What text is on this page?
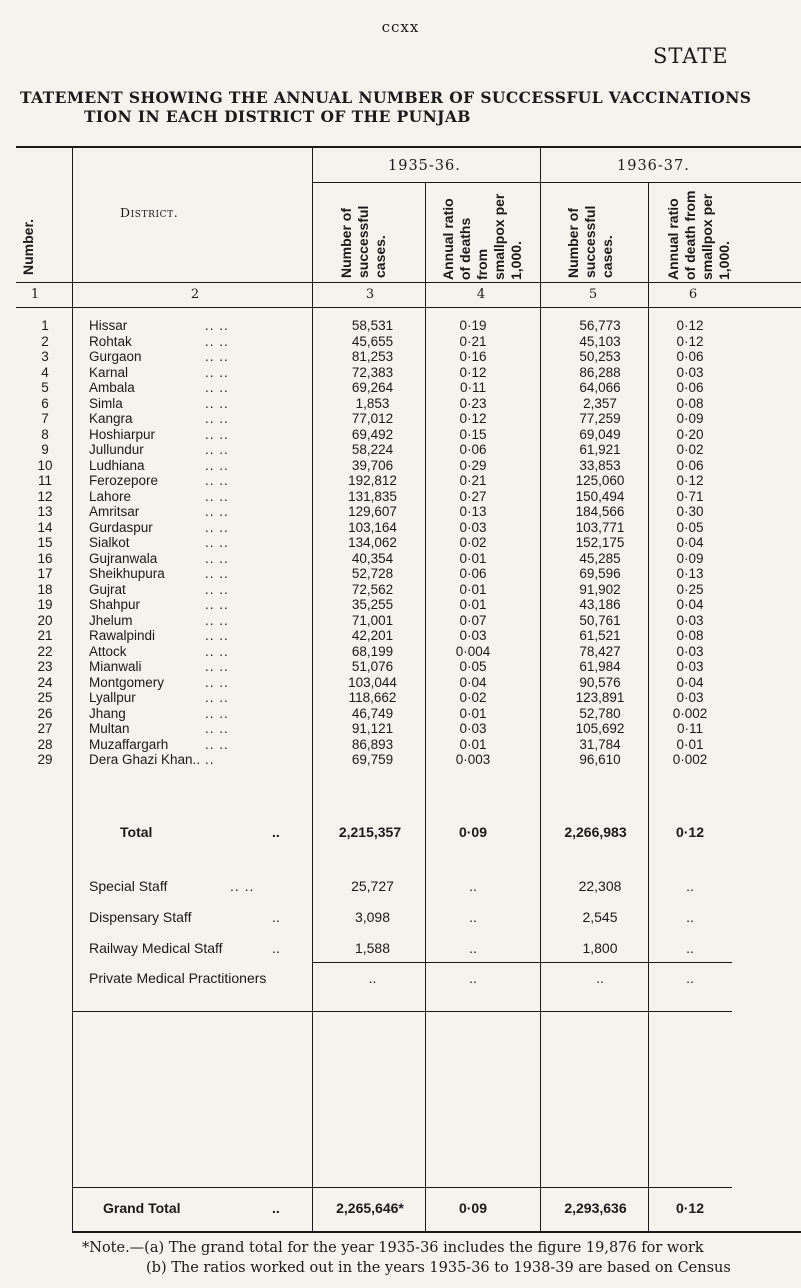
ccxx
STATE
TATEMENT SHOWING THE ANNUAL NUMBER OF SUCCESSFUL VACCINATIONS
TION IN EACH DISTRICT OF THE PUNJAB
1935-36.	1936-37.
Number.
District.	Number of successful cases.	Annual ratio of deaths from smallpox per 1,000.	Number of successful cases.	Annual ratio of death from smallpox per 1,000.
1	2	3	4	5	6
1	Hissar	.. ..	58,531	0·19	56,773	0·12
2	Rohtak	.. ..	45,655	0·21	45,103	0·12
3	Gurgaon	.. ..	81,253	0·16	50,253	0·06
4	Karnal	.. ..	72,383	0·12	86,288	0·03
5	Ambala	.. ..	69,264	0·11	64,066	0·06
6	Simla	.. ..	1,853	0·23	2,357	0·08
7	Kangra	.. ..	77,012	0·12	77,259	0·09
8	Hoshiarpur	.. ..	69,492	0·15	69,049	0·20
9	Jullundur	.. ..	58,224	0·06	61,921	0·02
10	Ludhiana	.. ..	39,706	0·29	33,853	0·06
11	Ferozepore	.. ..	192,812	0·21	125,060	0·12
12	Lahore	.. ..	131,835	0·27	150,494	0·71
13	Amritsar	.. ..	129,607	0·13	184,566	0·30
14	Gurdaspur	.. ..	103,164	0·03	103,771	0·05
15	Sialkot	.. ..	134,062	0·02	152,175	0·04
16	Gujranwala	.. ..	40,354	0·01	45,285	0·09
17	Sheikhupura	.. ..	52,728	0·06	69,596	0·13
18	Gujrat	.. ..	72,562	0·01	91,902	0·25
19	Shahpur	.. ..	35,255	0·01	43,186	0·04
20	Jhelum	.. ..	71,001	0·07	50,761	0·03
21	Rawalpindi	.. ..	42,201	0·03	61,521	0·08
22	Attock	.. ..	68,199	0·004	78,427	0·03
23	Mianwali	.. ..	51,076	0·05	61,984	0·03
24	Montgomery	.. ..	103,044	0·04	90,576	0·04
25	Lyallpur	.. ..	118,662	0·02	123,891	0·03
26	Jhang	.. ..	46,749	0·01	52,780	0·002
27	Multan	.. ..	91,121	0·03	105,692	0·11
28	Muzaffargarh	.. ..	86,893	0·01	31,784	0·01
29	Dera Ghazi Khan.. ..	69,759	0·003	96,610	0·002
Total	..	2,215,357	0·09	2,266,983	0·12
Special Staff	.. ..	25,727	..	22,308	..
Dispensary Staff	..	3,098	..	2,545	..
Railway Medical Staff	..	1,588	..	1,800	..
Private Medical Practitioners	..	..	..	..
Grand Total	..	2,265,646*	0·09	2,293,636	0·12
*Note.—(a) The grand total for the year 1935-36 includes the figure 19,876 for work
(b) The ratios worked out in the years 1935-36 to 1938-39 are based on Census
